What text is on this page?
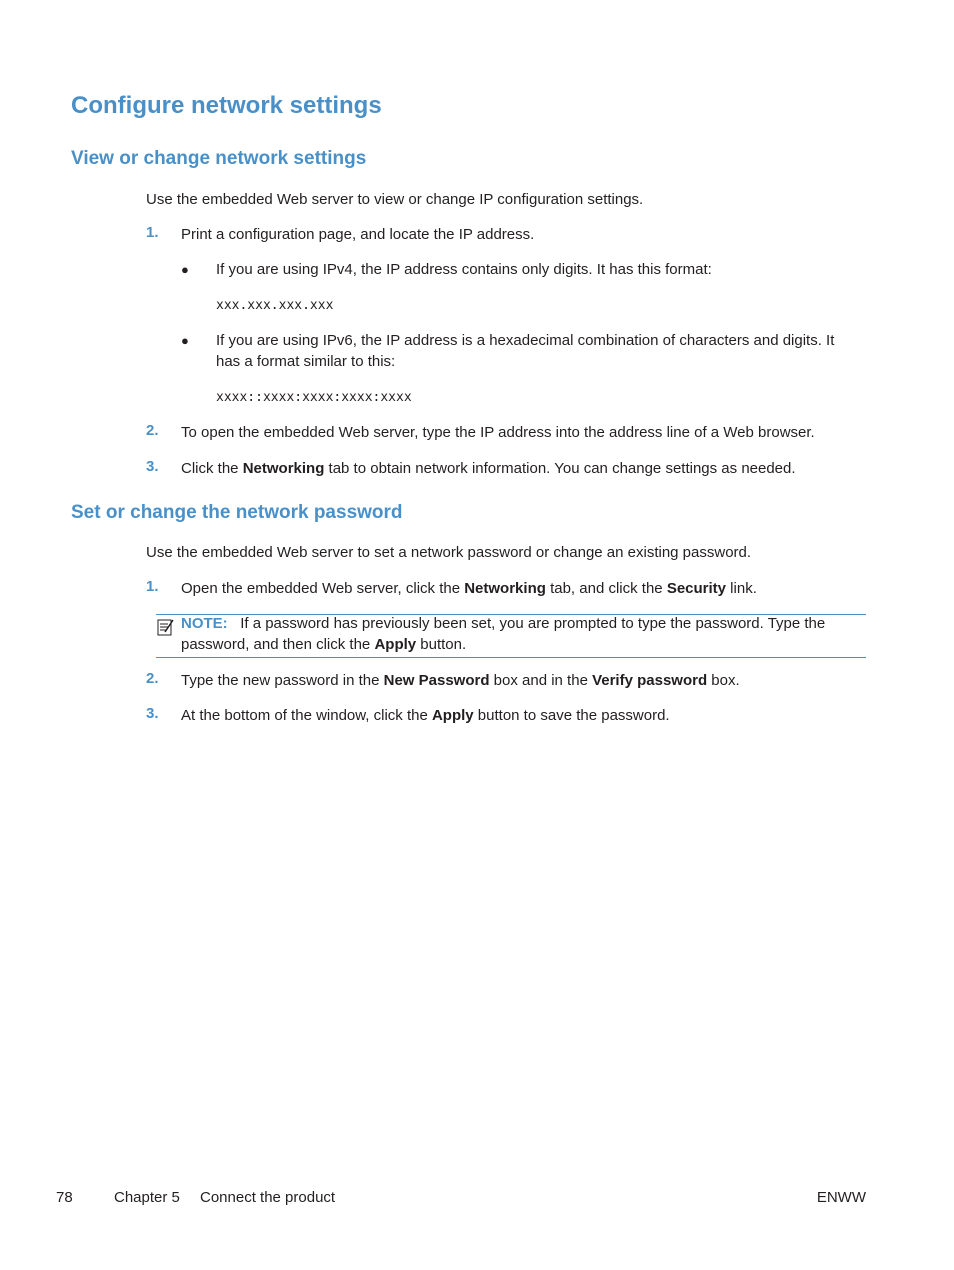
Configure network settings
View or change network settings
Use the embedded Web server to view or change IP configuration settings.
1. Print a configuration page, and locate the IP address.
● If you are using IPv4, the IP address contains only digits. It has this format:
xxx.xxx.xxx.xxx
● If you are using IPv6, the IP address is a hexadecimal combination of characters and digits. It
has a format similar to this:
xxxx::xxxx:xxxx:xxxx:xxxx
2. To open the embedded Web server, type the IP address into the address line of a Web browser.
3. Click the Networking tab to obtain network information. You can change settings as needed.
Set or change the network password
Use the embedded Web server to set a network password or change an existing password.
1. Open the embedded Web server, click the Networking tab, and click the Security link.
NOTE: If a password has previously been set, you are prompted to type the password. Type the
password, and then click the Apply button.
2. Type the new password in the New Password box and in the Verify password box.
3. At the bottom of the window, click the Apply button to save the password.
78	Chapter 5 Connect the product	ENWW
